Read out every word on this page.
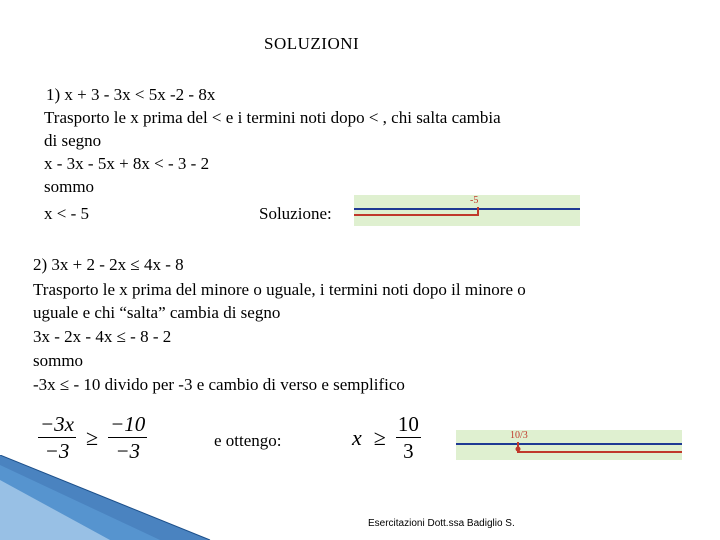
SOLUZIONI
1) x + 3 - 3x < 5x -2 - 8x
Trasporto le x prima del < e i termini noti dopo < , chi salta cambia
di segno
x - 3x - 5x + 8x < - 3 - 2
sommo
x < - 5	Soluzione:
-5
2) 3x + 2 - 2x ≤ 4x - 8
Trasporto le x prima del minore o uguale, i termini noti dopo il minore o
uguale e chi “salta” cambia di segno
3x - 2x - 4x ≤ - 8 - 2
sommo
-3x ≤ - 10 divido per -3 e cambio di verso e semplifico
$\frac{-3x}{-3} \ge \frac{-10}{-3}$	e ottengo:	$x \ge \frac{10}{3}$	10/3
Esercitazioni Dott.ssa Badiglio S.
